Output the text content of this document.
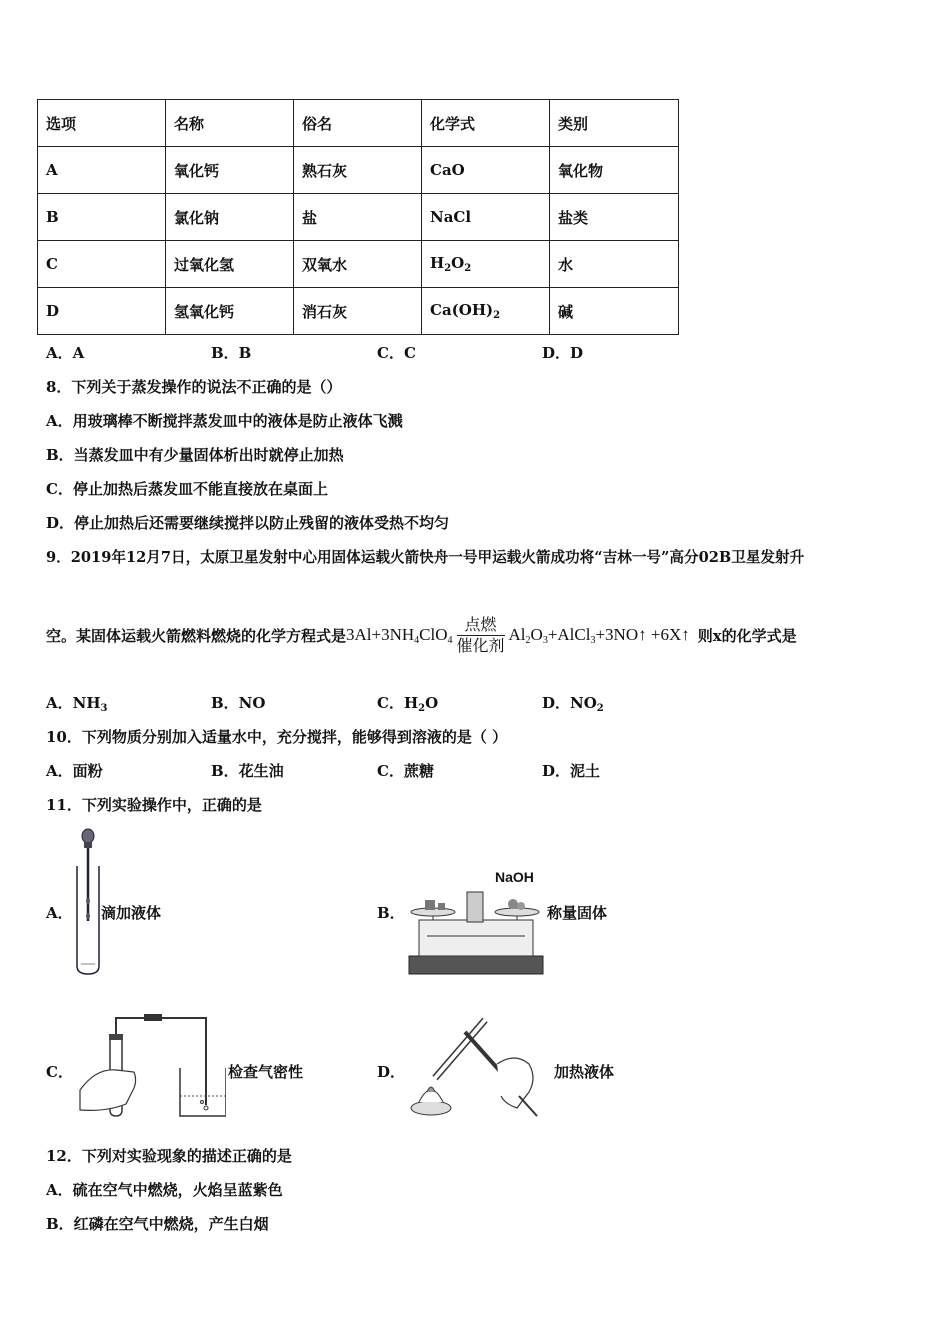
选项	名称	俗名	化学式	类别
A	氧化钙	熟石灰	CaO	氧化物
B	氯化钠	盐	NaCl	盐类
C	过氧化氢	双氧水	$H_2O_2$	水
D	氢氧化钙	消石灰	$Ca(OH)_2$	碱
A．A	B．B	C．C	D．D
8．下列关于蒸发操作的说法不正确的是（）
A．用玻璃棒不断搅拌蒸发皿中的液体是防止液体飞溅
B．当蒸发皿中有少量固体析出时就停止加热
C．停止加热后蒸发皿不能直接放在桌面上
D．停止加热后还需要继续搅拌以防止残留的液体受热不均匀
9．2019年12月7日，太原卫星发射中心用固体运载火箭快舟一号甲运载火箭成功将“吉林一号”高分02B卫星发射升
空。某固体运载火箭燃料燃烧的化学方程式是 $3Al+3NH_4ClO_4 \frac{\text{点燃}}{\text{催化剂}}$ $Al_2O_3+AlCl_3+3NO↑$ +6X↑ 则x的化学式是
A．$NH_3$	B．NO	C．$H_2O$	D．$NO_2$
10．下列物质分别加入适量水中，充分搅拌，能够得到溶液的是（ ）
A．面粉	B．花生油	C．蔗糖	D．泥土
11．下列实验操作中，正确的是
A． 滴加液体	B．
NaOH
称量固体
C．	检查气密性	D．	加热液体
12．下列对实验现象的描述正确的是
A．硫在空气中燃烧，火焰呈蓝紫色
B．红磷在空气中燃烧，产生白烟
